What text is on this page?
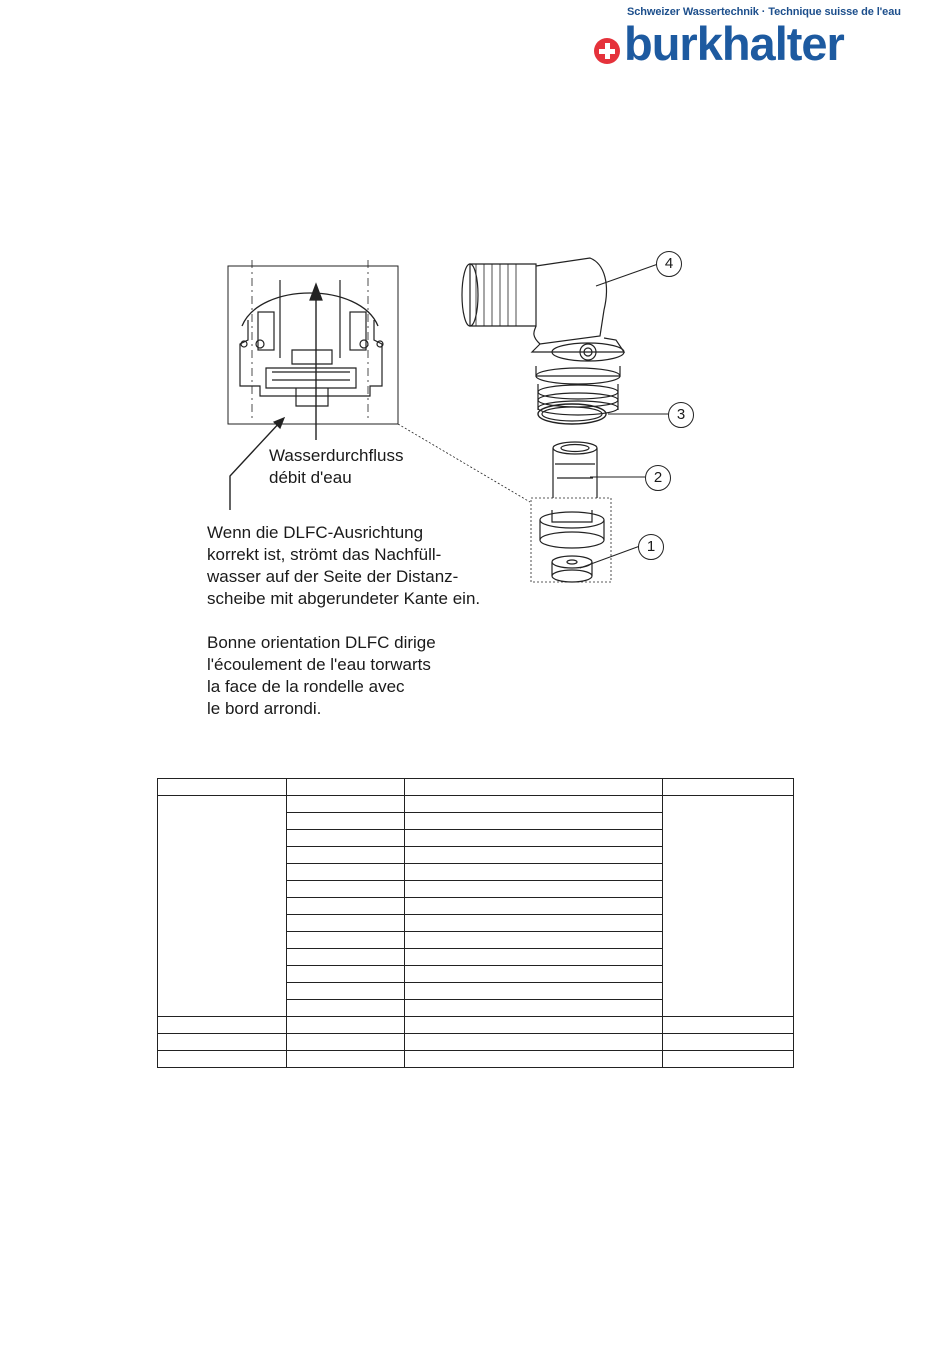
Schweizer Wassertechnik · Technique suisse de l'eau
burkhalter
1
2
3
4
Wasserdurchfluss
débit d'eau
Wenn die DLFC-Ausrichtung
korrekt ist, strömt das Nachfüll-
wasser auf der Seite der Distanz-
scheibe mit abgerundeter Kante ein.
Bonne orientation DLFC dirige
l'écoulement de l'eau torwarts
la face de la rondelle avec
le bord arrondi.
